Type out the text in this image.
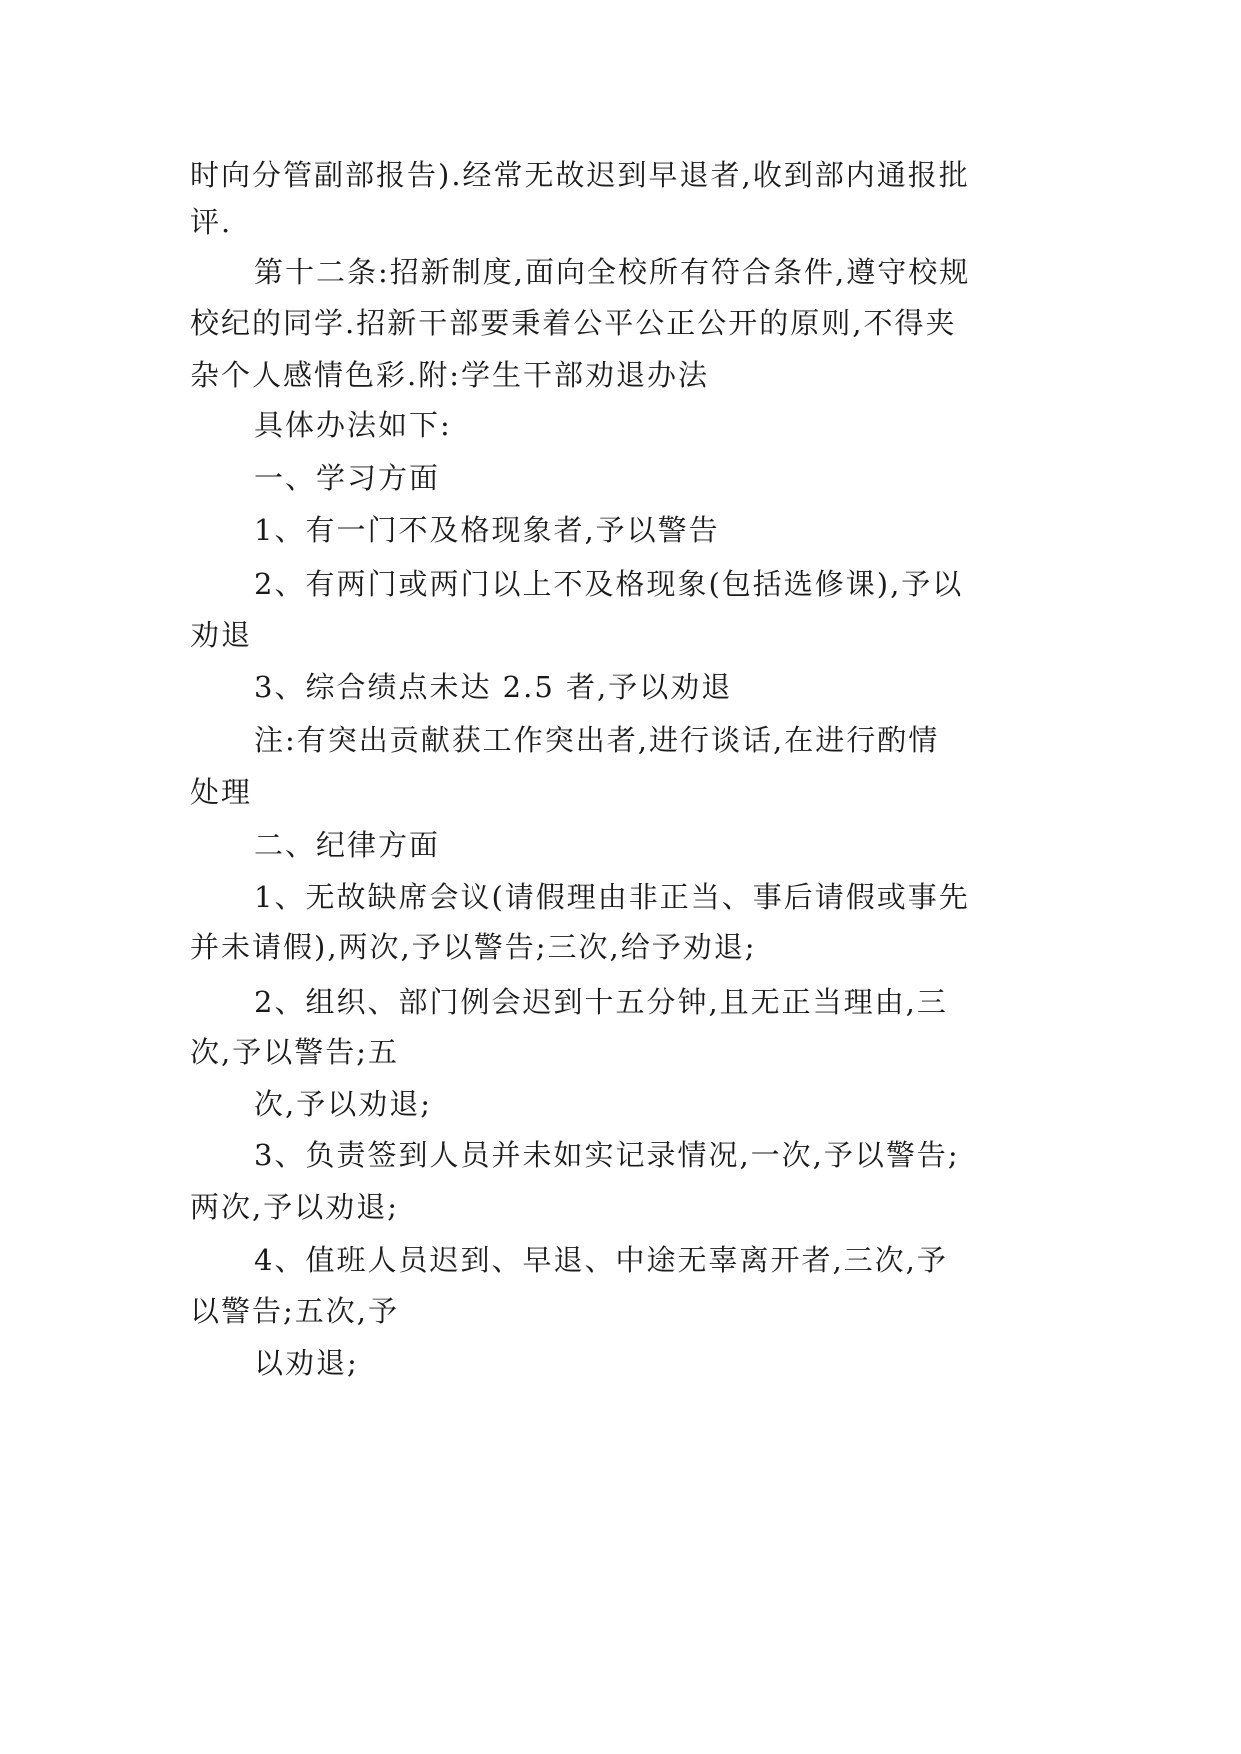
时向分管副部报告).经常无故迟到早退者,收到部内通报批
评.
第十二条:招新制度,面向全校所有符合条件,遵守校规
校纪的同学.招新干部要秉着公平公正公开的原则,不得夹
杂个人感情色彩.附:学生干部劝退办法
具体办法如下:
一、学习方面
1、有一门不及格现象者,予以警告
2、有两门或两门以上不及格现象(包括选修课),予以
劝退
3、综合绩点未达 2.5 者,予以劝退
注:有突出贡献获工作突出者,进行谈话,在进行酌情
处理
二、纪律方面
1、无故缺席会议(请假理由非正当、事后请假或事先
并未请假),两次,予以警告;三次,给予劝退;
2、组织、部门例会迟到十五分钟,且无正当理由,三
次,予以警告;五
次,予以劝退;
3、负责签到人员并未如实记录情况,一次,予以警告;
两次,予以劝退;
4、值班人员迟到、早退、中途无辜离开者,三次,予
以警告;五次,予
以劝退;
